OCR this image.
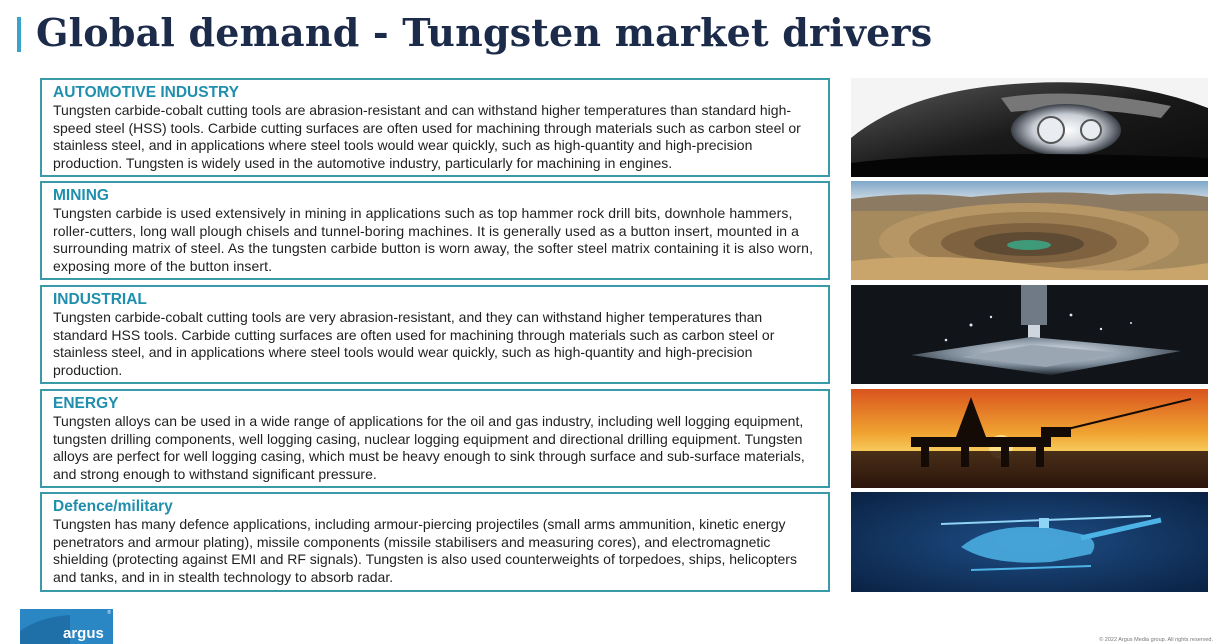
Global demand - Tungsten market drivers

AUTOMOTIVE INDUSTRY

Tungsten carbide-cobalt cutting tools are abrasion-resistant and can withstand higher temperatures than standard high-speed steel (HSS) tools. Carbide cutting surfaces are often used for machining through materials such as carbon steel or stainless steel, and in applications where steel tools would wear quickly, such as high-quantity and high-precision production. Tungsten is widely used in the automotive industry, particularly for machining in engines.

MINING

Tungsten carbide is used extensively in mining in applications such as top hammer rock drill bits, downhole hammers, roller-cutters, long wall plough chisels and tunnel-boring machines. It is generally used as a button insert, mounted in a surrounding matrix of steel. As the tungsten carbide button is worn away, the softer steel matrix containing it is also worn, exposing more of the button insert.

INDUSTRIAL

Tungsten carbide-cobalt cutting tools are very abrasion-resistant, and they can withstand higher temperatures than standard HSS tools. Carbide cutting surfaces are often used for machining through materials such as carbon steel or stainless steel, and in applications where steel tools would wear quickly, such as high-quantity and high-precision production.

ENERGY

Tungsten alloys can be used in a wide range of applications for the oil and gas industry, including well logging equipment, tungsten drilling components, well logging casing, nuclear logging equipment and directional drilling equipment. Tungsten alloys are perfect for well logging casing, which must be heavy enough to sink through surface and sub-surface materials, and strong enough to withstand significant pressure.

Defence/military

Tungsten has many defence applications, including armour-piercing projectiles (small arms ammunition, kinetic energy penetrators and armour plating), missile components (missile stabilisers and measuring cores), and electromagnetic shielding (protecting against EMI and RF signals). Tungsten is also used counterweights of torpedoes, ships, helicopters and tanks, and in in stealth technology to absorb radar.

argus
®
© 2022 Argus Media group. All rights reserved.
